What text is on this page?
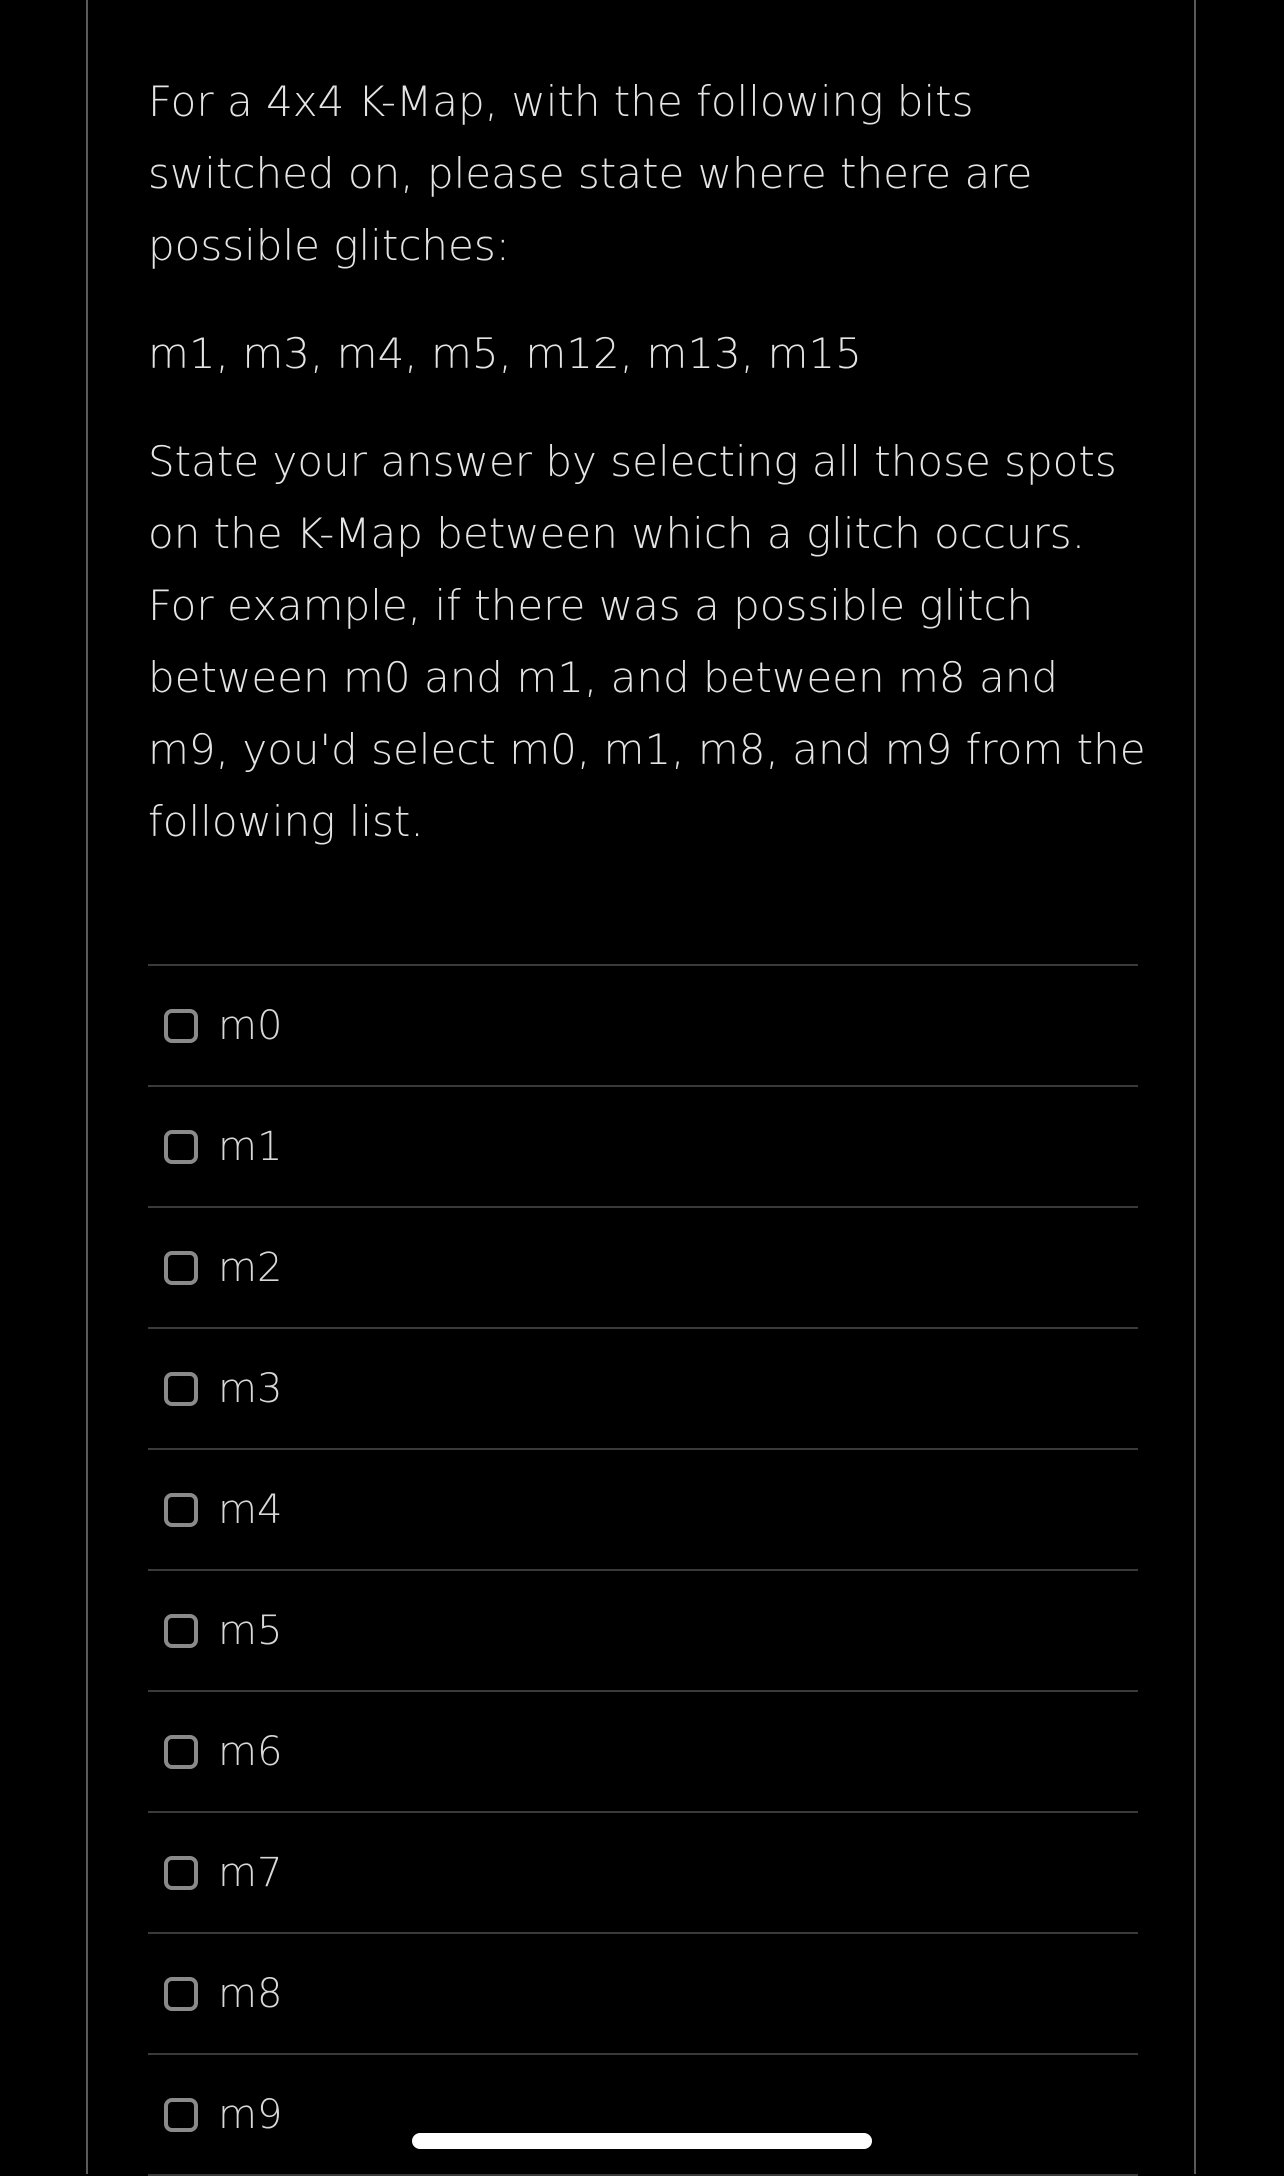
For a 4x4 K-Map, with the following bits switched on, please state where there are possible glitches:

m1, m3, m4, m5, m12, m13, m15

State your answer by selecting all those spots on the K-Map between which a glitch occurs. For example, if there was a possible glitch between m0 and m1, and between m8 and m9, you'd select m0, m1, m8, and m9 from the following list.

m0
m1
m2
m3
m4
m5
m6
m7
m8
m9
